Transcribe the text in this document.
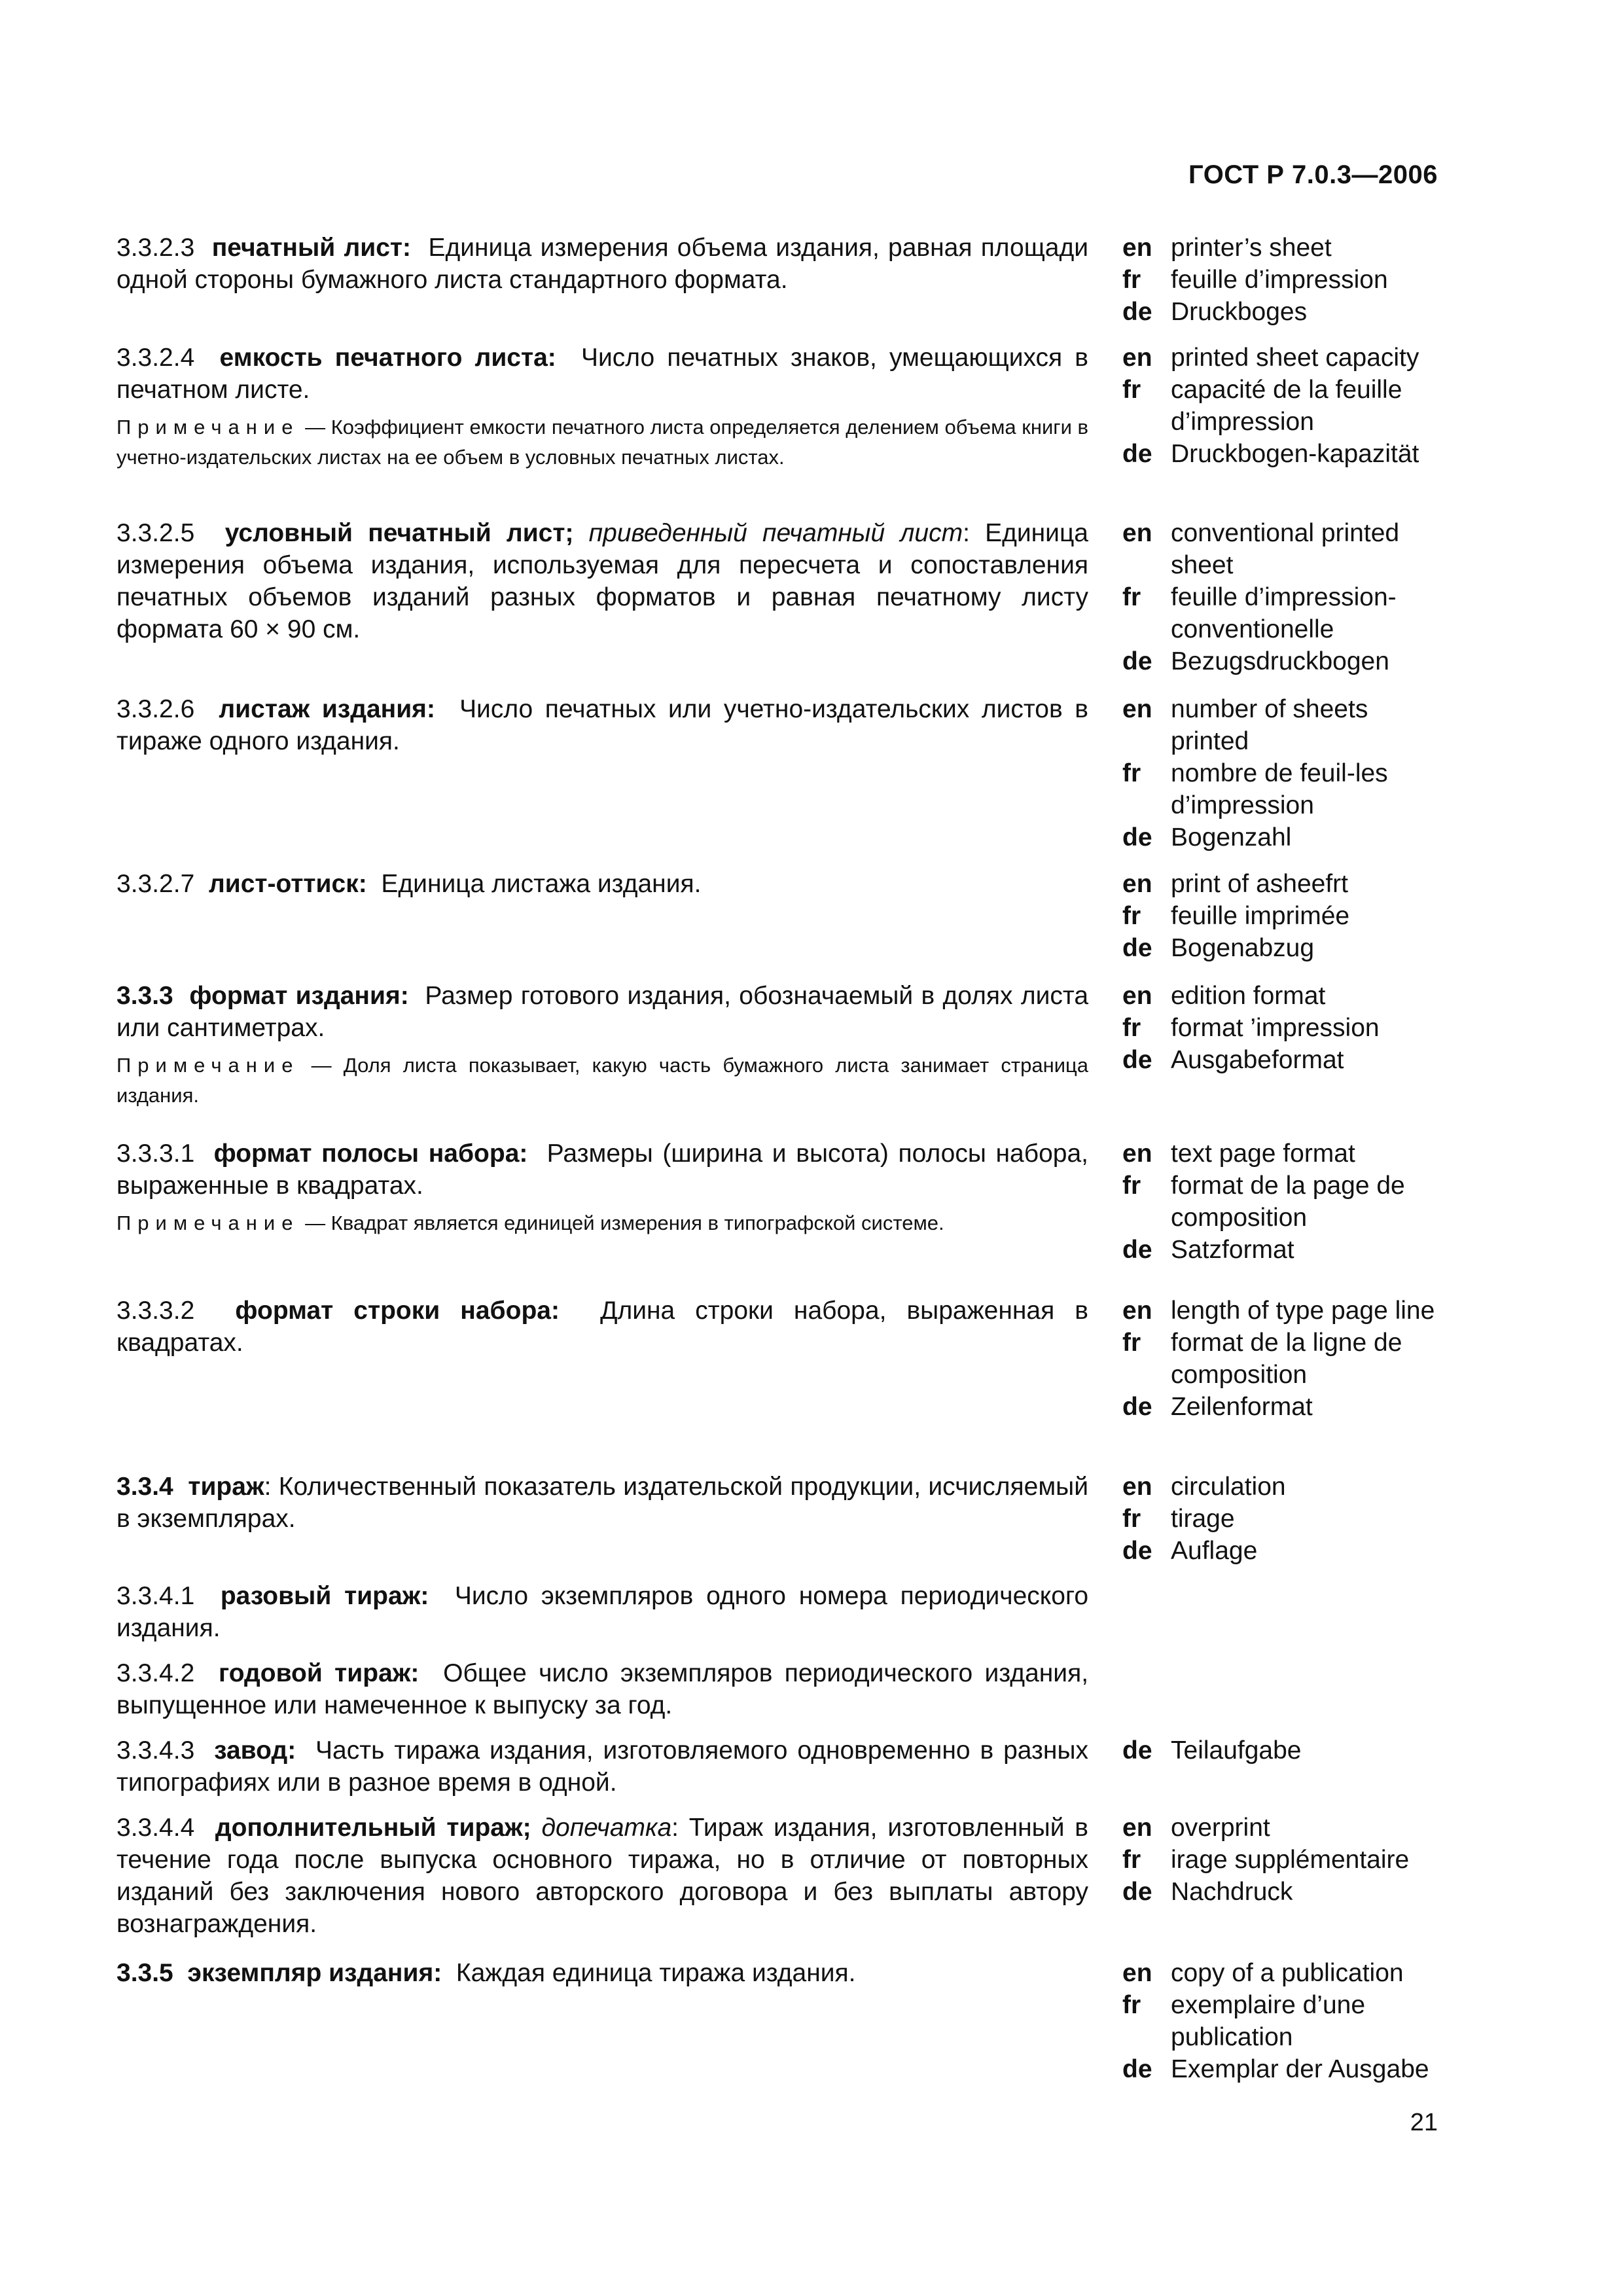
ГОСТ Р 7.0.3—2006
3.3.2.3 печатный лист: Единица измерения объема издания, равная площади одной стороны бумажного листа стандартного формата.
en printer’s sheet
fr	feuille d’impression
de Druckboges
3.3.2.4 емкость печатного листа: Число печатных знаков, умещающихся в печатном листе.
Примечание — Коэффициент емкости печатного листа определяется делением объема книги в учетно-издательских листах на ее объем в условных печатных листах.
en printed sheet capacity
fr	capacité de la feuille d’impression
de Druckbogen-kapazität
3.3.2.5 условный печатный лист; приведенный печатный лист: Единица измерения объема издания, используемая для пересчета и сопоставления печатных объемов изданий разных форматов и равная печатному листу формата 60 × 90 см.
en conventional printed sheet
fr	feuille d’impression-conventionelle
de Bezugsdruckbogen
3.3.2.6 листаж издания: Число печатных или учетно-издательских листов в тираже одного издания.
en number of sheets printed
fr	nombre de feuil-les d’impression
de Bogenzahl
3.3.2.7 лист-оттиск: Единица листажа издания.	en print of asheefrt
fr	feuille imprimée
de Bogenabzug
3.3.3 формат издания: Размер готового издания, обозначаемый в долях листа или сантиметрах.
Примечание — Доля листа показывает, какую часть бумажного листа занимает страница издания.
en edition format
fr	format ’impression
de Ausgabeformat
3.3.3.1 формат полосы набора: Размеры (ширина и высота) полосы набора, выраженные в квадратах.
Примечание — Квадрат является единицей измерения в типографской системе.
en text page format
fr	format de la page de composition
de Satzformat
3.3.3.2 формат строки набора: Длина строки набора, выраженная в квадратах.
en length of type page line
fr	format de la ligne de composition
de Zeilenformat
3.3.4 тираж: Количественный показатель издательской продукции, исчисляемый в экземплярах.
en circulation
fr	tirage
de Auflage
3.3.4.1 разовый тираж: Число экземпляров одного номера периодического издания.
3.3.4.2 годовой тираж: Общее число экземпляров периодического издания, выпущенное или намеченное к выпуску за год.
3.3.4.3 завод: Часть тиража издания, изготовляемого одновременно в разных типографиях или в разное время в одной.
de Teilaufgabe
3.3.4.4 дополнительный тираж; допечатка: Тираж издания, изготовленный в течение года после выпуска основного тиража, но в отличие от повторных изданий без заключения нового авторского договора и без выплаты автору вознаграждения.
en overprint
fr	irage supplémentaire
de Nachdruck
3.3.5 экземпляр издания: Каждая единица тиража издания.	en copy of a publication
fr	exemplaire d’une publication
de Exemplar der Ausgabe
21
